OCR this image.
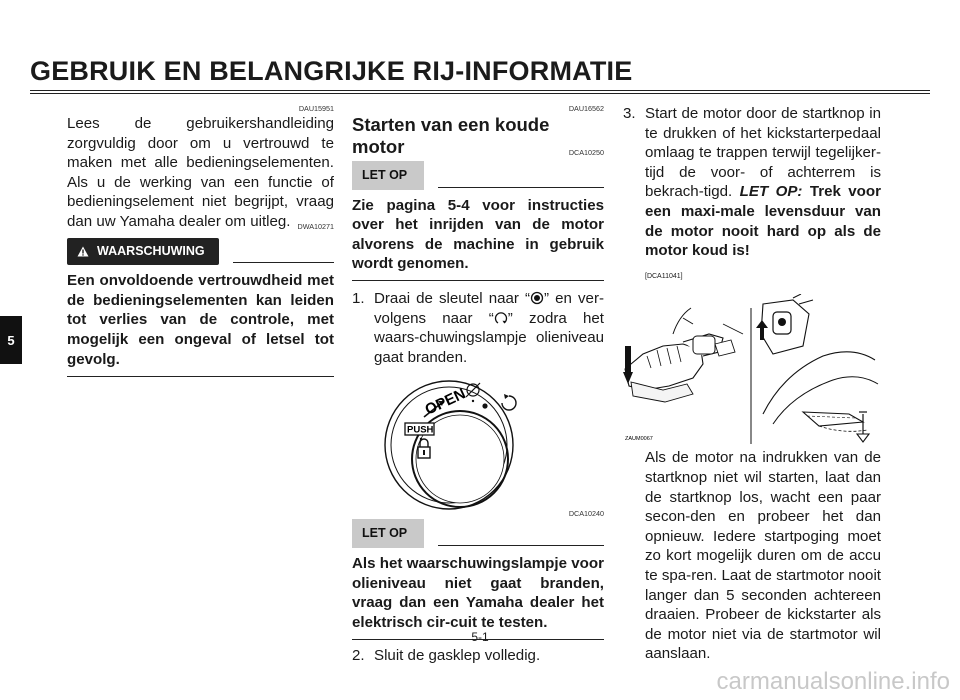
GEBRUIK EN BELANGRIJKE RIJ-INFORMATIE
5
DAU15951
Lees de gebruikershandleiding zorgvuldig door om u vertrouwd te maken met alle bedieningselementen. Als u de werking van een functie of bedieningselement niet begrijpt, vraag dan uw Yamaha dealer om uitleg. DWA10271
WAARSCHUWING
Een onvoldoende vertrouwdheid met de bedieningselementen kan leiden tot verlies van de controle, met mogelijk een ongeval of letsel tot gevolg.
DAU16562
Starten van een koude motor	DCA10250
LET OP
Zie pagina 5-4 voor instructies over het inrijden van de motor alvorens de machine in gebruik wordt genomen.
1. Draai de sleutel naar “ ” en ver-volgens naar “ ” zodra het waars-chuwingslampje olieniveau gaat branden.
OPEN
PUSH
DCA10240
LET OP
Als het waarschuwingslampje voor olieniveau niet gaat branden, vraag dan een Yamaha dealer het elektrisch cir-cuit te testen.
2. Sluit de gasklep volledig.
3. Start de motor door de startknop in te drukken of het kickstarterpedaal omlaag te trappen terwijl tegelijker-tijd de voor- of achterrem is bekrach-tigd. LET OP: Trek voor een maxi-male levensduur van de motor nooit hard op als de motor koud is!
[DCA11041]
ZAUM0067
Als de motor na indrukken van de startknop niet wil starten, laat dan de startknop los, wacht een paar secon-den en probeer het dan opnieuw. Iedere startpoging moet zo kort mogelijk duren om de accu te spa-ren. Laat de startmotor nooit langer dan 5 seconden achtereen draaien. Probeer de kickstarter als de motor niet via de startmotor wil aanslaan.
5-1
carmanualsonline.info
